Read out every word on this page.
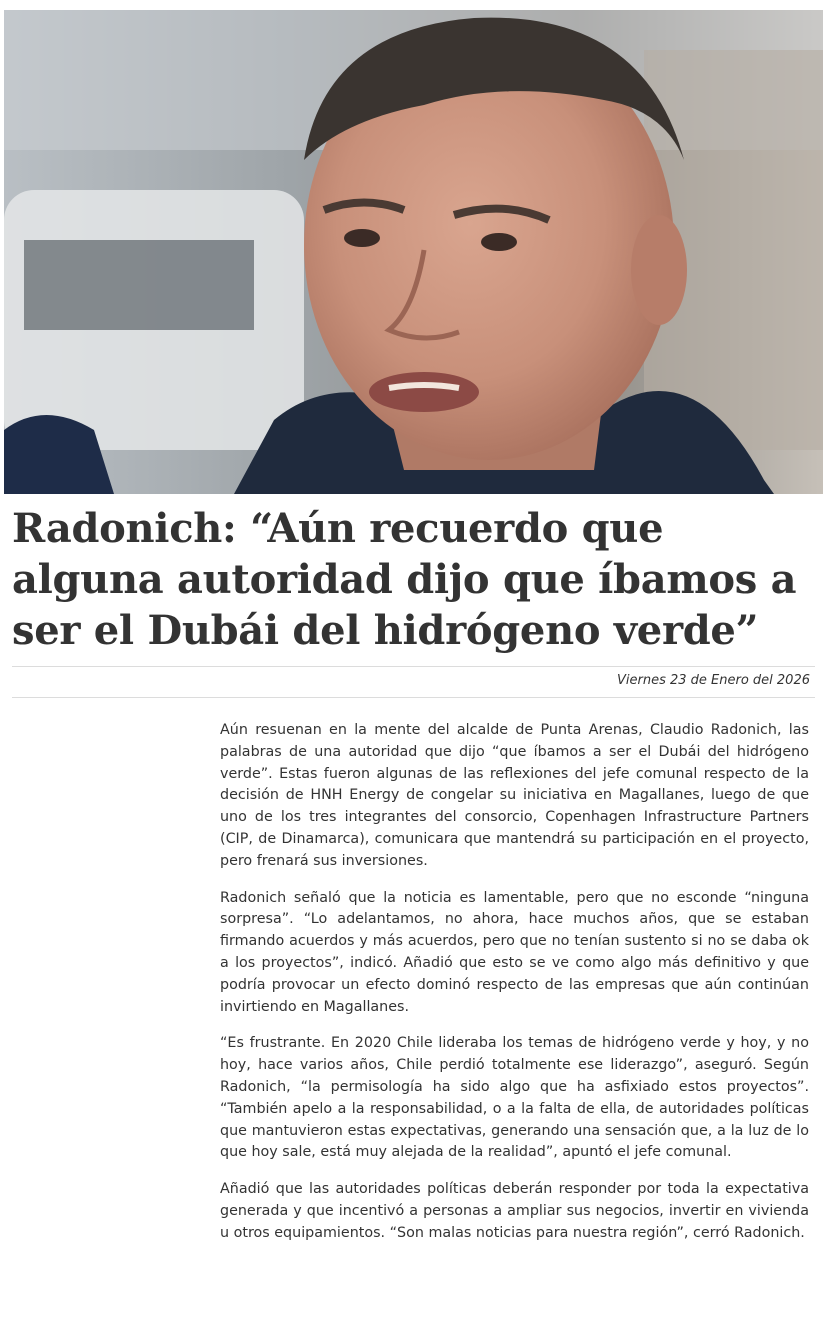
Radonich: “Aún recuerdo que alguna autoridad dijo que íbamos a ser el Dubái del hidrógeno verde”
Viernes 23 de Enero del 2026

Aún resuenan en la mente del alcalde de Punta Arenas, Claudio Radonich, las palabras de una autoridad que dijo “que íbamos a ser el Dubái del hidrógeno verde”. Estas fueron algunas de las reflexiones del jefe comunal respecto de la decisión de HNH Energy de congelar su iniciativa en Magallanes, luego de que uno de los tres integrantes del consorcio, Copenhagen Infrastructure Partners (CIP, de Dinamarca), comunicara que mantendrá su participación en el proyecto, pero frenará sus inversiones.

Radonich señaló que la noticia es lamentable, pero que no esconde “ninguna sorpresa”. “Lo adelantamos, no ahora, hace muchos años, que se estaban firmando acuerdos y más acuerdos, pero que no tenían sustento si no se daba ok a los proyectos”, indicó. Añadió que esto se ve como algo más definitivo y que podría provocar un efecto dominó respecto de las empresas que aún continúan invirtiendo en Magallanes.

“Es frustrante. En 2020 Chile lideraba los temas de hidrógeno verde y hoy, y no hoy, hace varios años, Chile perdió totalmente ese liderazgo”, aseguró. Según Radonich, “la permisología ha sido algo que ha asfixiado estos proyectos”. “También apelo a la responsabilidad, o a la falta de ella, de autoridades políticas que mantuvieron estas expectativas, generando una sensación que, a la luz de lo que hoy sale, está muy alejada de la realidad”, apuntó el jefe comunal.

Añadió que las autoridades políticas deberán responder por toda la expectativa generada y que incentivó a personas a ampliar sus negocios, invertir en vivienda u otros equipamientos. “Son malas noticias para nuestra región”, cerró Radonich.
